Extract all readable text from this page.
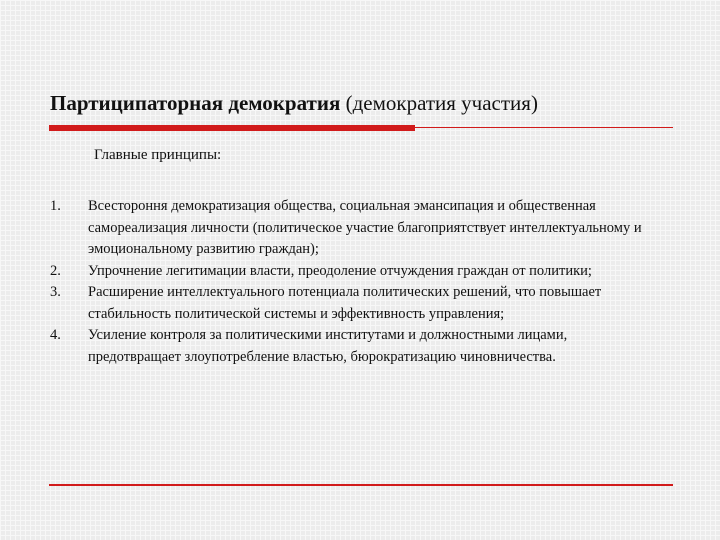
Партиципаторная демократия (демократия участия)
Главные принципы:
1.	Всестороння демократизация общества, социальная эмансипация и общественная самореализация личности (политическое участие благоприятствует интеллектуальному и эмоциональному развитию граждан);
2.	Упрочнение легитимации власти, преодоление отчуждения граждан от политики;
3.	Расширение интеллектуального потенциала политических решений, что повышает стабильность политической системы и эффективность управления;
4.	Усиление контроля за политическими институтами и должностными лицами, предотвращает злоупотребление властью, бюрократизацию чиновничества.
